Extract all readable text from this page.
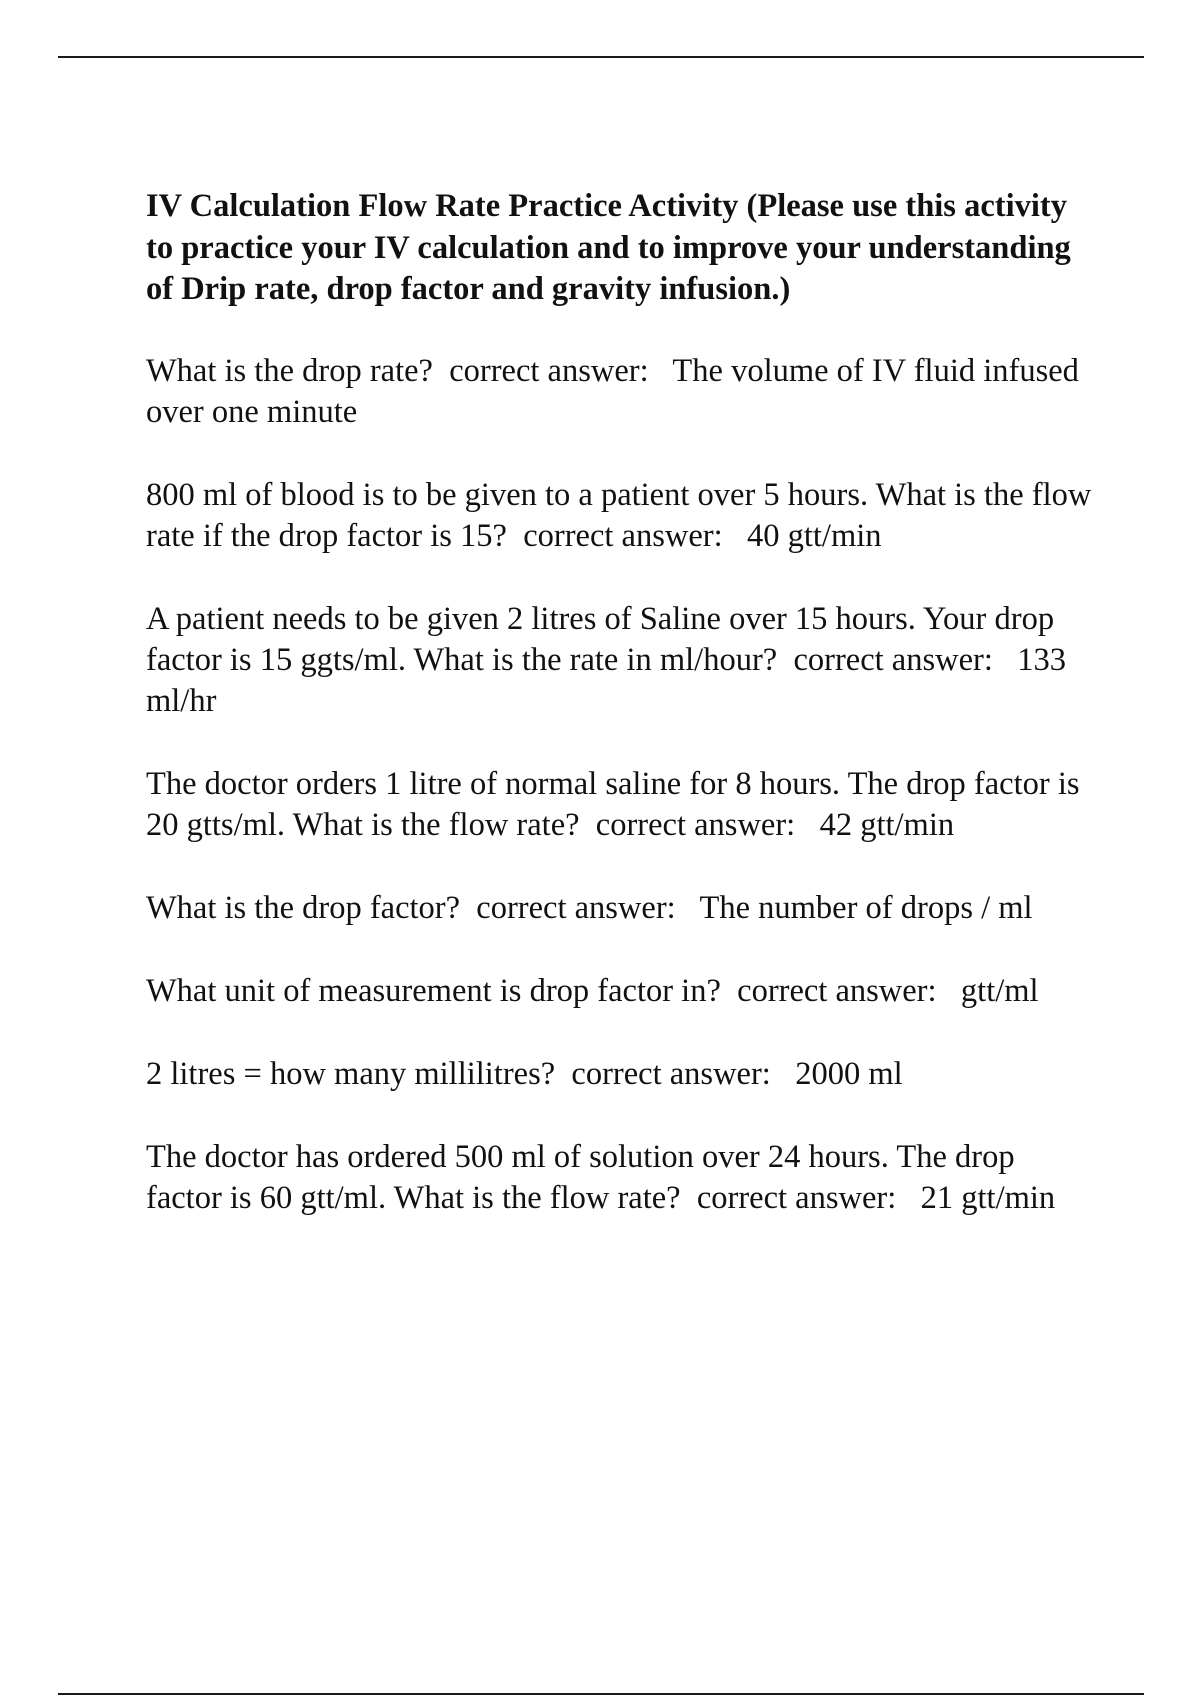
IV Calculation Flow Rate Practice Activity (Please use this activity to practice your IV calculation and to improve your understanding of Drip rate, drop factor and gravity infusion.)
What is the drop rate?  correct answer:   The volume of IV fluid infused over one minute
800 ml of blood is to be given to a patient over 5 hours. What is the flow rate if the drop factor is 15?  correct answer:   40 gtt/min
A patient needs to be given 2 litres of Saline over 15 hours. Your drop factor is 15 ggts/ml. What is the rate in ml/hour?  correct answer:   133 ml/hr
The doctor orders 1 litre of normal saline for 8 hours. The drop factor is 20 gtts/ml. What is the flow rate?  correct answer:   42 gtt/min
What is the drop factor?  correct answer:   The number of drops / ml
What unit of measurement is drop factor in?  correct answer:   gtt/ml
2 litres = how many millilitres?  correct answer:   2000 ml
The doctor has ordered 500 ml of solution over 24 hours. The drop factor is 60 gtt/ml. What is the flow rate?  correct answer:   21 gtt/min
